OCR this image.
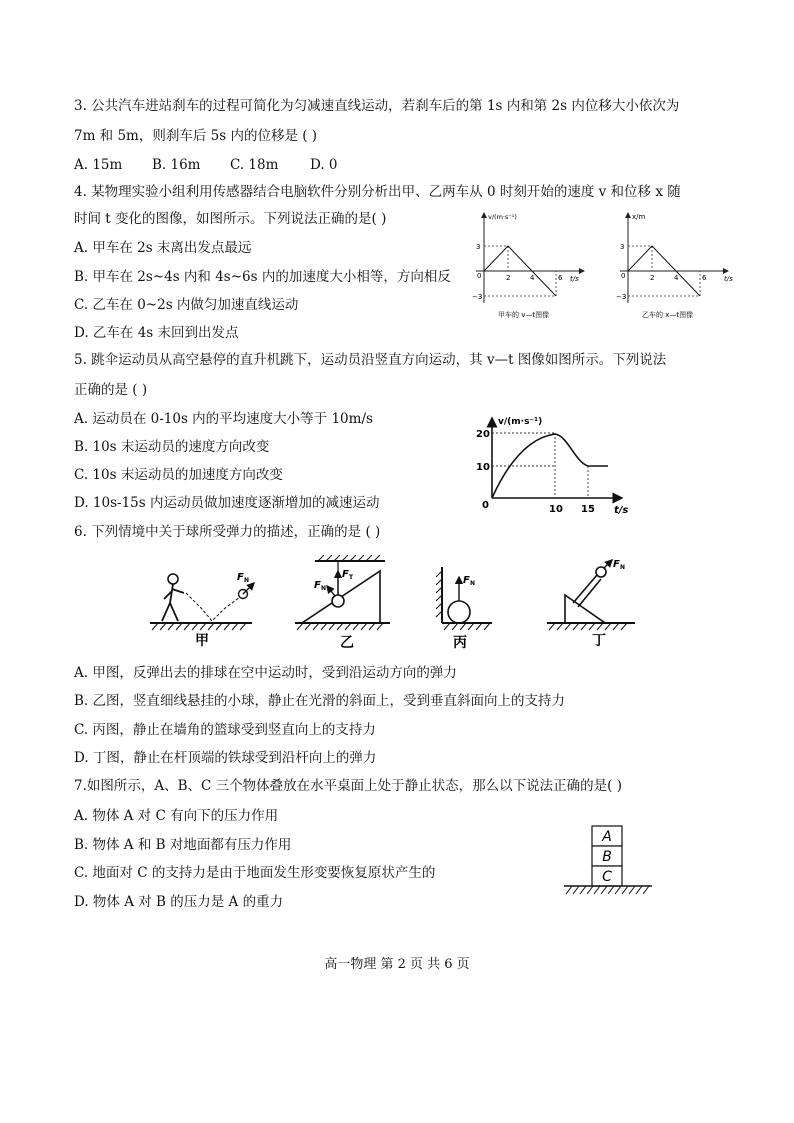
3. 公共汽车进站刹车的过程可简化为匀减速直线运动，若刹车后的第 1s 内和第 2s 内位移大小依次为
7m 和 5m，则刹车后 5s 内的位移是 ( )
A. 15m B. 16m C. 18m D. 0
4. 某物理实验小组利用传感器结合电脑软件分别分析出甲、乙两车从 0 时刻开始的速度 v 和位移 x 随
时间 t 变化的图像，如图所示。下列说法正确的是( )
A. 甲车在 2s 末离出发点最远
B. 甲车在 2s~4s 内和 4s~6s 内的加速度大小相等，方向相反
C. 乙车在 0~2s 内做匀加速直线运动
D. 乙车在 4s 末回到出发点
v/(m·s⁻¹)
t/s
3
−3
0	2	4	6
甲车的 v—t图像
x/m
t/s
3
−3
0	2	4	6
乙车的 x—t图像
5. 跳伞运动员从高空悬停的直升机跳下，运动员沿竖直方向运动，其 v—t 图像如图所示。下列说法
正确的是 ( )
A. 运动员在 0-10s 内的平均速度大小等于 10m/s
B. 10s 末运动员的速度方向改变
C. 10s 末运动员的加速度方向改变
D. 10s-15s 内运动员做加速度逐渐增加的减速运动
v/(m·s⁻¹)
t/s
20
10
0	10 15
6. 下列情境中关于球所受弹力的描述，正确的是 ( )
F N
甲
F T
F N
乙
F N
丙
F N
丁
A. 甲图，反弹出去的排球在空中运动时，受到沿运动方向的弹力
B. 乙图，竖直细线悬挂的小球，静止在光滑的斜面上，受到垂直斜面向上的支持力
C. 丙图，静止在墙角的篮球受到竖直向上的支持力
D. 丁图，静止在杆顶端的铁球受到沿杆向上的弹力
7.如图所示，A、B、C 三个物体叠放在水平桌面上处于静止状态，那么以下说法正确的是( )
A. 物体 A 对 C 有向下的压力作用
B. 物体 A 和 B 对地面都有压力作用
C. 地面对 C 的支持力是由于地面发生形变要恢复原状产生的
D. 物体 A 对 B 的压力是 A 的重力
A
B
C
高一物理 第 2 页 共 6 页
